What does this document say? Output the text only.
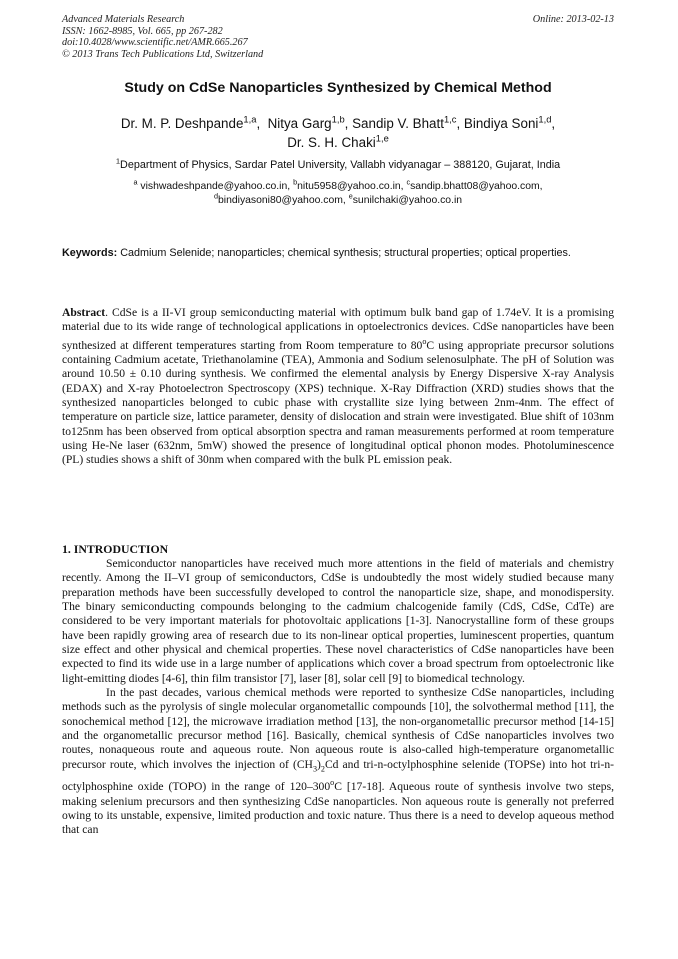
Advanced Materials Research
ISSN: 1662-8985, Vol. 665, pp 267-282
doi:10.4028/www.scientific.net/AMR.665.267
© 2013 Trans Tech Publications Ltd, Switzerland
Online: 2013-02-13
Study on CdSe Nanoparticles Synthesized by Chemical Method
Dr. M. P. Deshpande$^{1,a}$,  Nitya Garg$^{1,b}$, Sandip V. Bhatt$^{1,c}$, Bindiya Soni$^{1,d}$,
Dr. S. H. Chaki$^{1,e}$
$^1$Department of Physics, Sardar Patel University, Vallabh vidyanagar – 388120, Gujarat, India
$^a$ vishwadeshpande@yahoo.co.in, $^b$nitu5958@yahoo.co.in, $^c$sandip.bhatt08@yahoo.com,
$^d$bindiyasoni80@yahoo.com, $^e$sunilchaki@yahoo.co.in
Keywords: Cadmium Selenide; nanoparticles; chemical synthesis; structural properties; optical properties.
Abstract. CdSe is a II-VI group semiconducting material with optimum bulk band gap of 1.74eV. It is a promising material due to its wide range of technological applications in optoelectronics devices. CdSe nanoparticles have been synthesized at different temperatures starting from Room temperature to 80$^o$C using appropriate precursor solutions containing Cadmium acetate, Triethanolamine (TEA), Ammonia and Sodium selenosulphate. The pH of Solution was around 10.50 ± 0.10 during synthesis. We confirmed the elemental analysis by Energy Dispersive X-ray Analysis (EDAX) and X-ray Photoelectron Spectroscopy (XPS) technique. X-Ray Diffraction (XRD) studies shows that the synthesized nanoparticles belonged to cubic phase with crystallite size lying between 2nm-4nm. The effect of temperature on particle size, lattice parameter, density of dislocation and strain were investigated. Blue shift of 103nm to125nm has been observed from optical absorption spectra and raman measurements performed at room temperature using He-Ne laser (632nm, 5mW) showed the presence of longitudinal optical phonon modes. Photoluminescence (PL) studies shows a shift of 30nm when compared with the bulk PL emission peak.
1. INTRODUCTION

Semiconductor nanoparticles have received much more attentions in the field of materials and chemistry recently. Among the II–VI group of semiconductors, CdSe is undoubtedly the most widely studied because many preparation methods have been successfully developed to control the nanoparticle size, shape, and monodispersity. The binary semiconducting compounds belonging to the cadmium chalcogenide family (CdS, CdSe, CdTe) are considered to be very important materials for photovoltaic applications [1-3]. Nanocrystalline form of these groups have been rapidly growing area of research due to its non-linear optical properties, luminescent properties, quantum size effect and other physical and chemical properties. These novel characteristics of CdSe nanoparticles have been expected to find its wide use in a large number of applications which cover a broad spectrum from optoelectronic like light-emitting diodes [4-6], thin film transistor [7], laser [8], solar cell [9] to biomedical technology.

In the past decades, various chemical methods were reported to synthesize CdSe nanoparticles, including methods such as the pyrolysis of single molecular organometallic compounds [10], the solvothermal method [11], the sonochemical method [12], the microwave irradiation method [13], the non-organometallic precursor method [14-15] and the organometallic precursor method [16]. Basically, chemical synthesis of CdSe nanoparticles involves two routes, nonaqueous route and aqueous route. Non aqueous route is also-called high-temperature organometallic precursor route, which involves the injection of $(CH_3)_2Cd$ and tri-n-octylphosphine selenide (TOPSe) into hot tri-n-octylphosphine oxide (TOPO) in the range of 120–300$^o$C [17-18]. Aqueous route of synthesis involve two steps, making selenium precursors and then synthesizing CdSe nanoparticles. Non aqueous route is generally not preferred owing to its unstable, expensive, limited production and toxic nature. Thus there is a need to develop aqueous method that can
